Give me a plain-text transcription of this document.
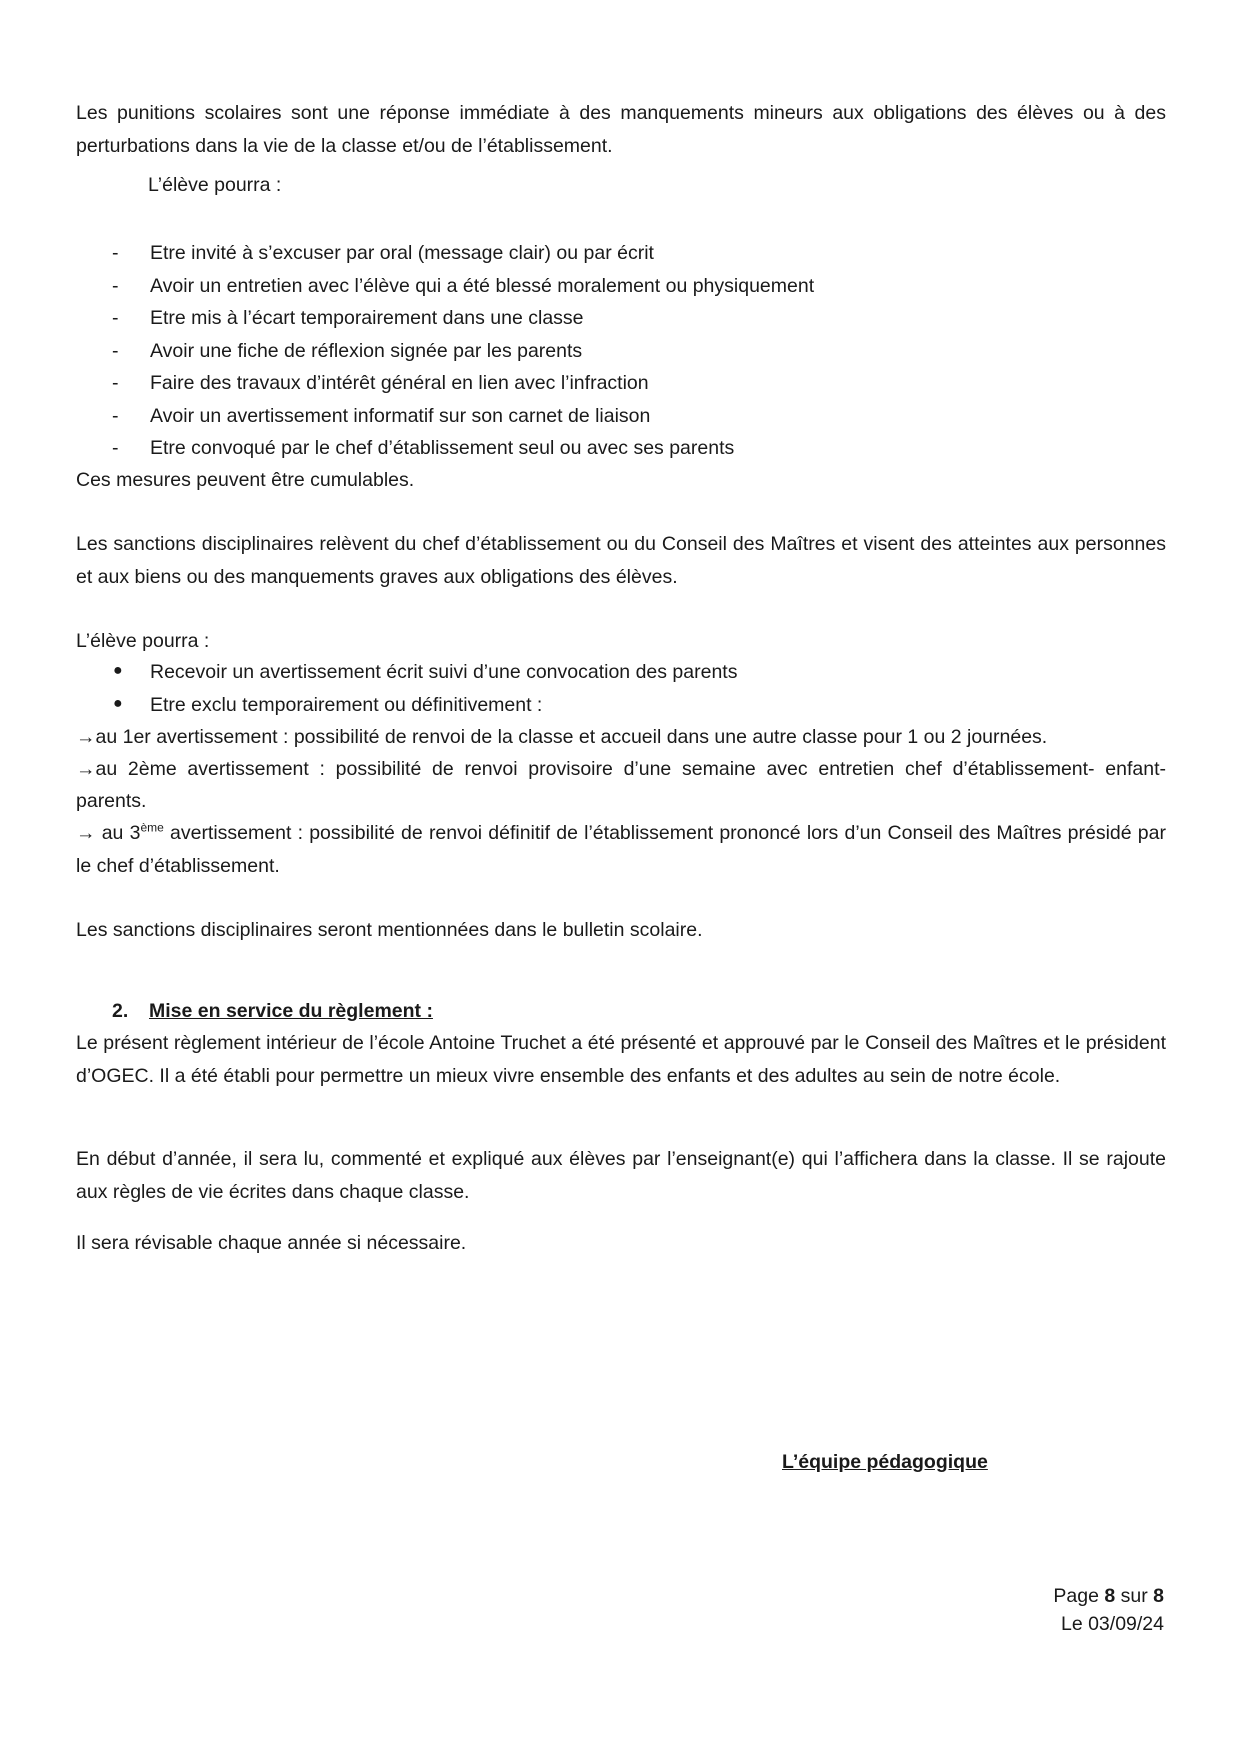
Les punitions scolaires sont une réponse immédiate à des manquements mineurs aux obligations des élèves ou à des perturbations dans la vie de la classe et/ou de l’établissement.
L’élève pourra :
- Etre invité à s’excuser par oral (message clair) ou par écrit
- Avoir un entretien avec l’élève qui a été blessé moralement ou physiquement
- Etre mis à l’écart temporairement dans une classe
- Avoir une fiche de réflexion signée par les parents
- Faire des travaux d’intérêt général en lien avec l’infraction
- Avoir un avertissement informatif sur son carnet de liaison
- Etre convoqué par le chef d’établissement seul ou avec ses parents
Ces mesures peuvent être cumulables.
Les sanctions disciplinaires relèvent du chef d’établissement ou du Conseil des Maîtres et visent des atteintes aux personnes et aux biens ou des manquements graves aux obligations des élèves.
L’élève pourra :
● Recevoir un avertissement écrit suivi d’une convocation des parents
● Etre exclu temporairement ou définitivement :
→au 1er avertissement : possibilité de renvoi de la classe et accueil dans une autre classe pour 1 ou 2 journées.
→au 2ème avertissement : possibilité de renvoi provisoire d’une semaine avec entretien chef d’établissement- enfant-
parents.
→ au 3ème avertissement : possibilité de renvoi définitif de l’établissement prononcé lors d’un Conseil des Maîtres présidé par le chef d’établissement.
Les sanctions disciplinaires seront mentionnées dans le bulletin scolaire.
2. Mise en service du règlement :
Le présent règlement intérieur de l’école Antoine Truchet a été présenté et approuvé par le Conseil des Maîtres et le président d’OGEC. Il a été établi pour permettre un mieux vivre ensemble des enfants et des adultes au sein de notre école.
En début d’année, il sera lu, commenté et expliqué aux élèves par l’enseignant(e) qui l’affichera dans la classe. Il se rajoute aux règles de vie écrites dans chaque classe.
Il sera révisable chaque année si nécessaire.
L’équipe pédagogique
Page 8 sur 8
Le 03/09/24
